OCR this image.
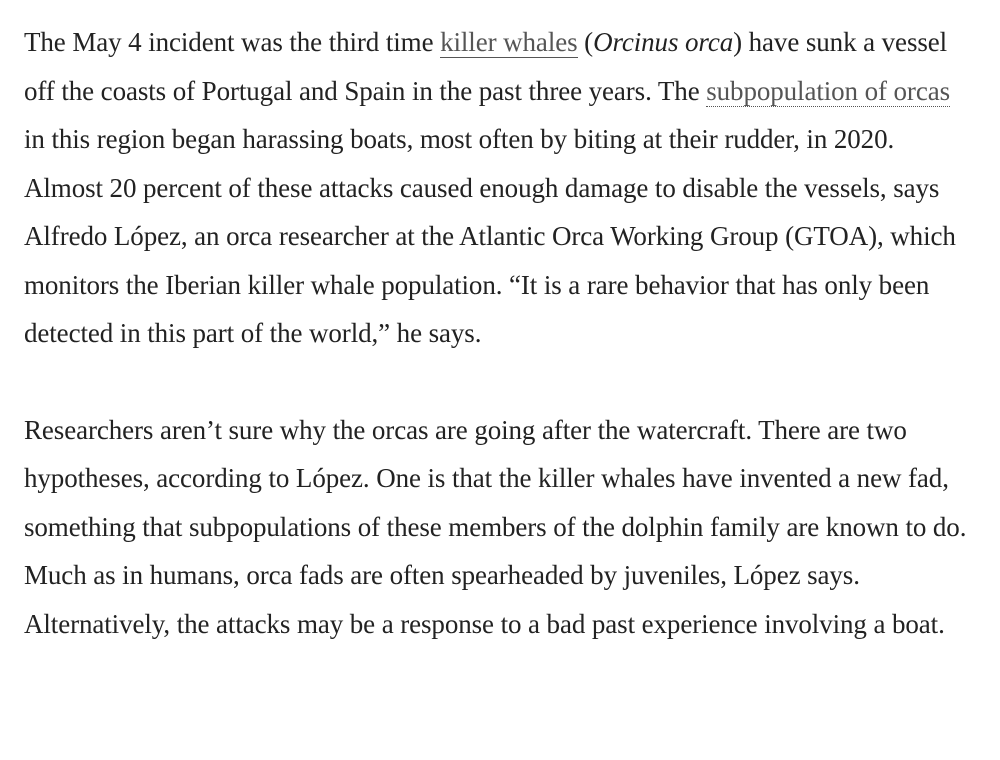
The May 4 incident was the third time killer whales (Orcinus orca) have sunk a vessel off the coasts of Portugal and Spain in the past three years. The subpopulation of orcas in this region began harassing boats, most often by biting at their rudder, in 2020. Almost 20 percent of these attacks caused enough damage to disable the vessels, says Alfredo López, an orca researcher at the Atlantic Orca Working Group (GTOA), which monitors the Iberian killer whale population. “It is a rare behavior that has only been detected in this part of the world,” he says.

Researchers aren’t sure why the orcas are going after the watercraft. There are two hypotheses, according to López. One is that the killer whales have invented a new fad, something that subpopulations of these members of the dolphin family are known to do. Much as in humans, orca fads are often spearheaded by juveniles, López says. Alternatively, the attacks may be a response to a bad past experience involving a boat.
